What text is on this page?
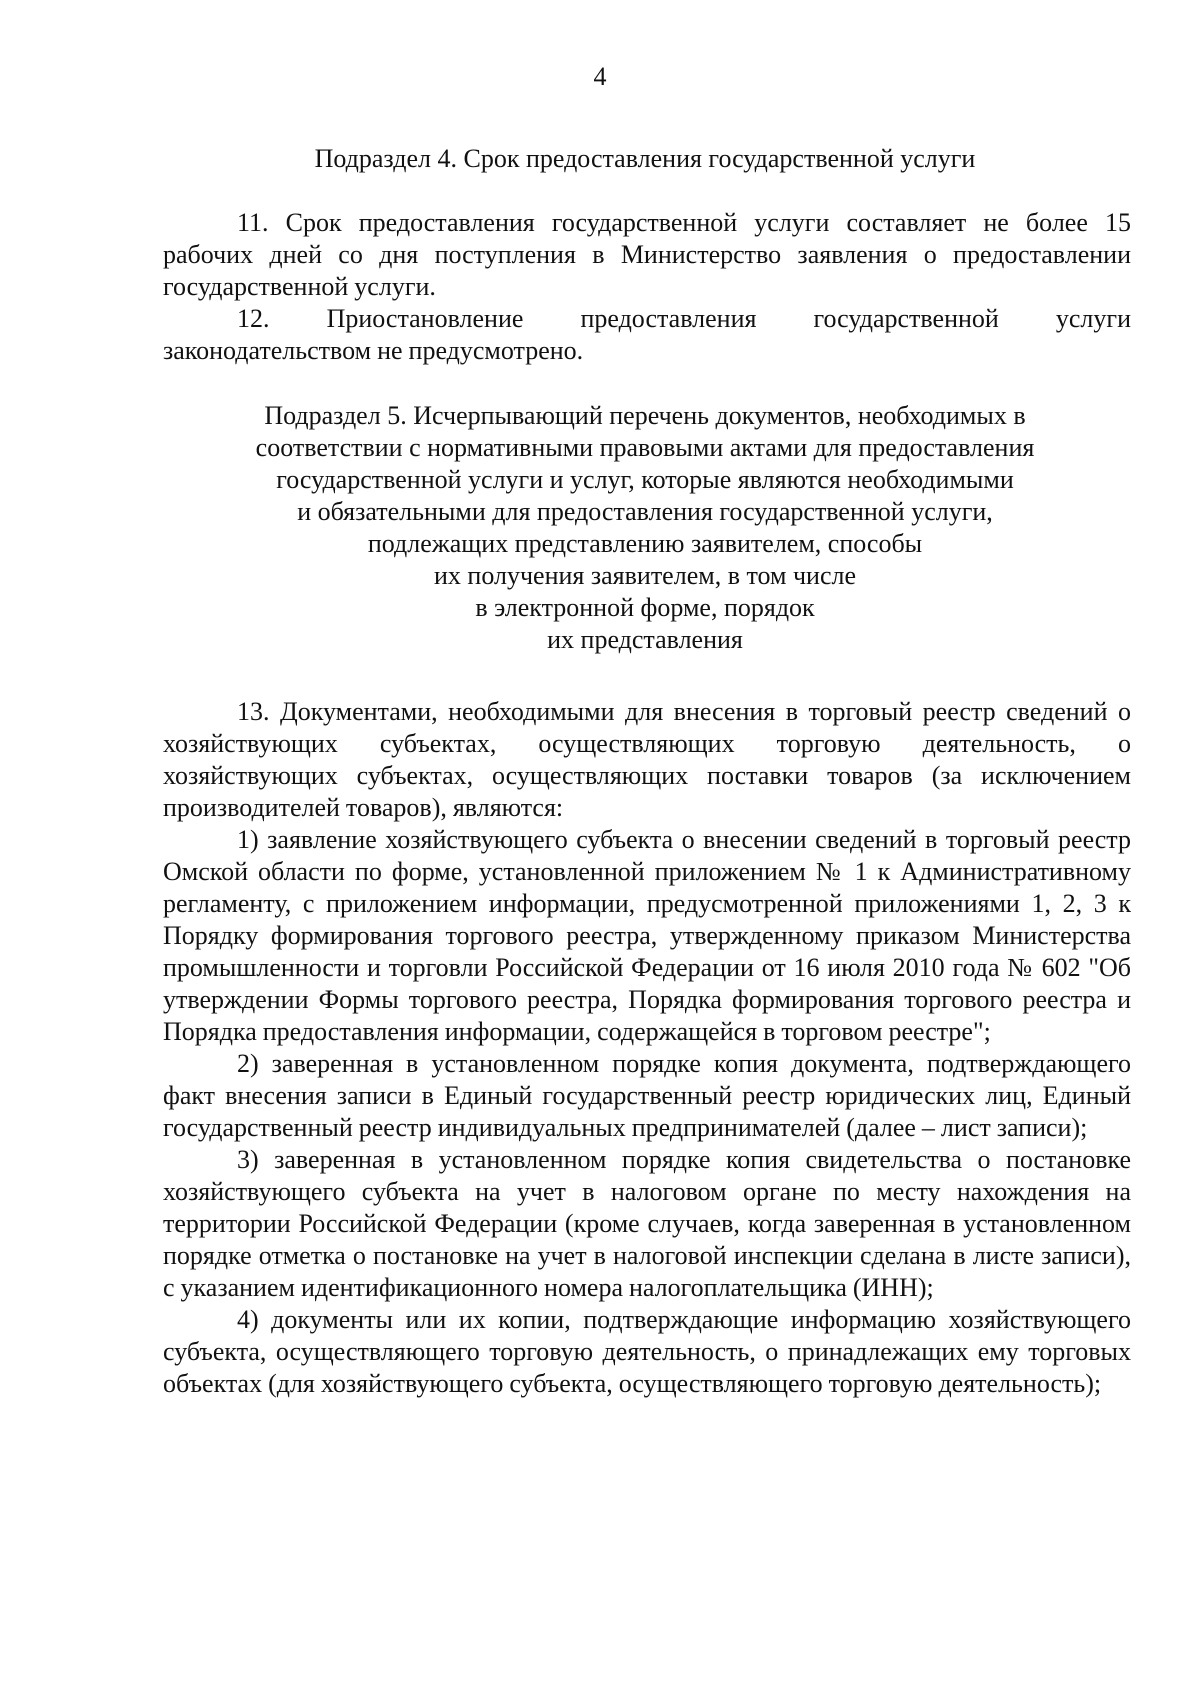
4
Подраздел 4. Срок предоставления государственной услуги

11. Срок предоставления государственной услуги составляет не более 15 рабочих дней со дня поступления в Министерство заявления о предоставлении государственной услуги.

12. Приостановление предоставления государственной услуги законодательством не предусмотрено.

Подраздел 5. Исчерпывающий перечень документов, необходимых в
соответствии с нормативными правовыми актами для предоставления
государственной услуги и услуг, которые являются необходимыми
и обязательными для предоставления государственной услуги,
подлежащих представлению заявителем, способы
их получения заявителем, в том числе
в электронной форме, порядок
их представления

13. Документами, необходимыми для внесения в торговый реестр сведений о хозяйствующих субъектах, осуществляющих торговую деятельность, о хозяйствующих субъектах, осуществляющих поставки товаров (за исключением производителей товаров), являются:

1) заявление хозяйствующего субъекта о внесении сведений в торговый реестр Омской области по форме, установленной приложением № 1 к Административному регламенту, с приложением информации, предусмотренной приложениями 1, 2, 3 к Порядку формирования торгового реестра, утвержденному приказом Министерства промышленности и торговли Российской Федерации от 16 июля 2010 года № 602 "Об утверждении Формы торгового реестра, Порядка формирования торгового реестра и Порядка предоставления информации, содержащейся в торговом реестре";

2) заверенная в установленном порядке копия документа, подтверждающего факт внесения записи в Единый государственный реестр юридических лиц, Единый государственный реестр индивидуальных предпринимателей (далее – лист записи);

3) заверенная в установленном порядке копия свидетельства о постановке хозяйствующего субъекта на учет в налоговом органе по месту нахождения на территории Российской Федерации (кроме случаев, когда заверенная в установленном порядке отметка о постановке на учет в налоговой инспекции сделана в листе записи), с указанием идентификационного номера налогоплательщика (ИНН);

4) документы или их копии, подтверждающие информацию хозяйствующего субъекта, осуществляющего торговую деятельность, о принадлежащих ему торговых объектах (для хозяйствующего субъекта, осуществляющего торговую деятельность);
